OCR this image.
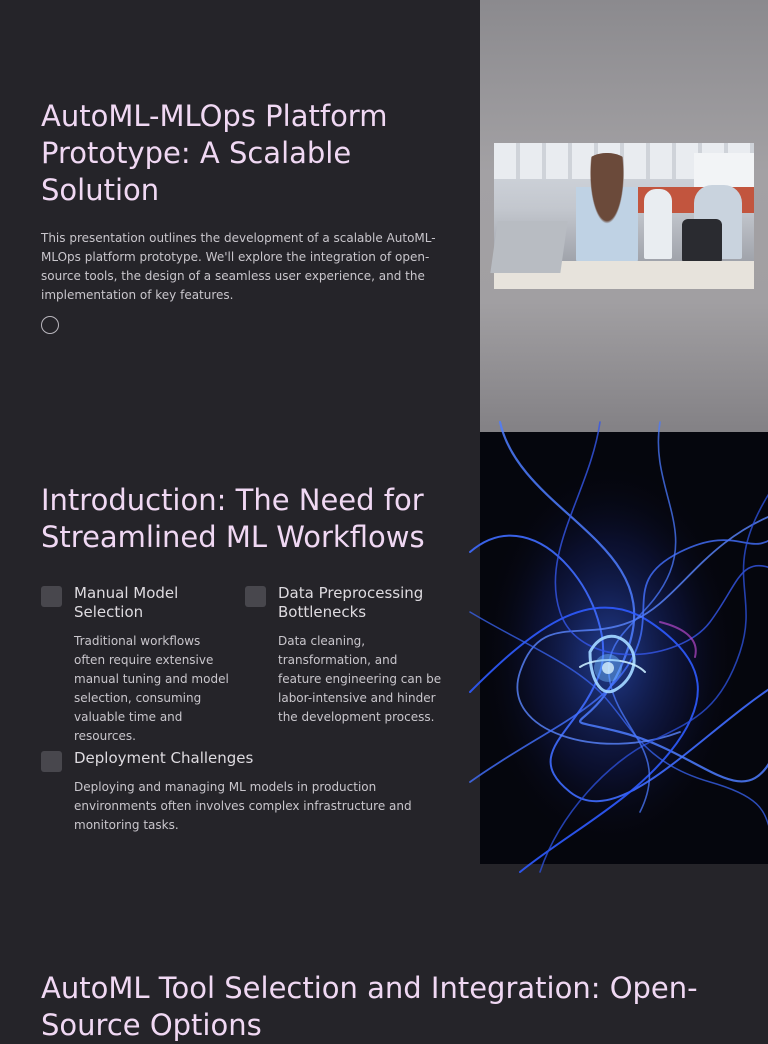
AutoML-MLOps Platform Prototype: A Scalable Solution

This presentation outlines the development of a scalable AutoML-MLOps platform prototype. We'll explore the integration of open-source tools, the design of a seamless user experience, and the implementation of key features.

Introduction: The Need for Streamlined ML Workflows
Manual Model Selection

Traditional workflows often require extensive manual tuning and model selection, consuming valuable time and resources.

Data Preprocessing Bottlenecks

Data cleaning, transformation, and feature engineering can be labor-intensive and hinder the development process.

Deployment Challenges

Deploying and managing ML models in production environments often involves complex infrastructure and monitoring tasks.

AutoML Tool Selection and Integration: Open-Source Options
